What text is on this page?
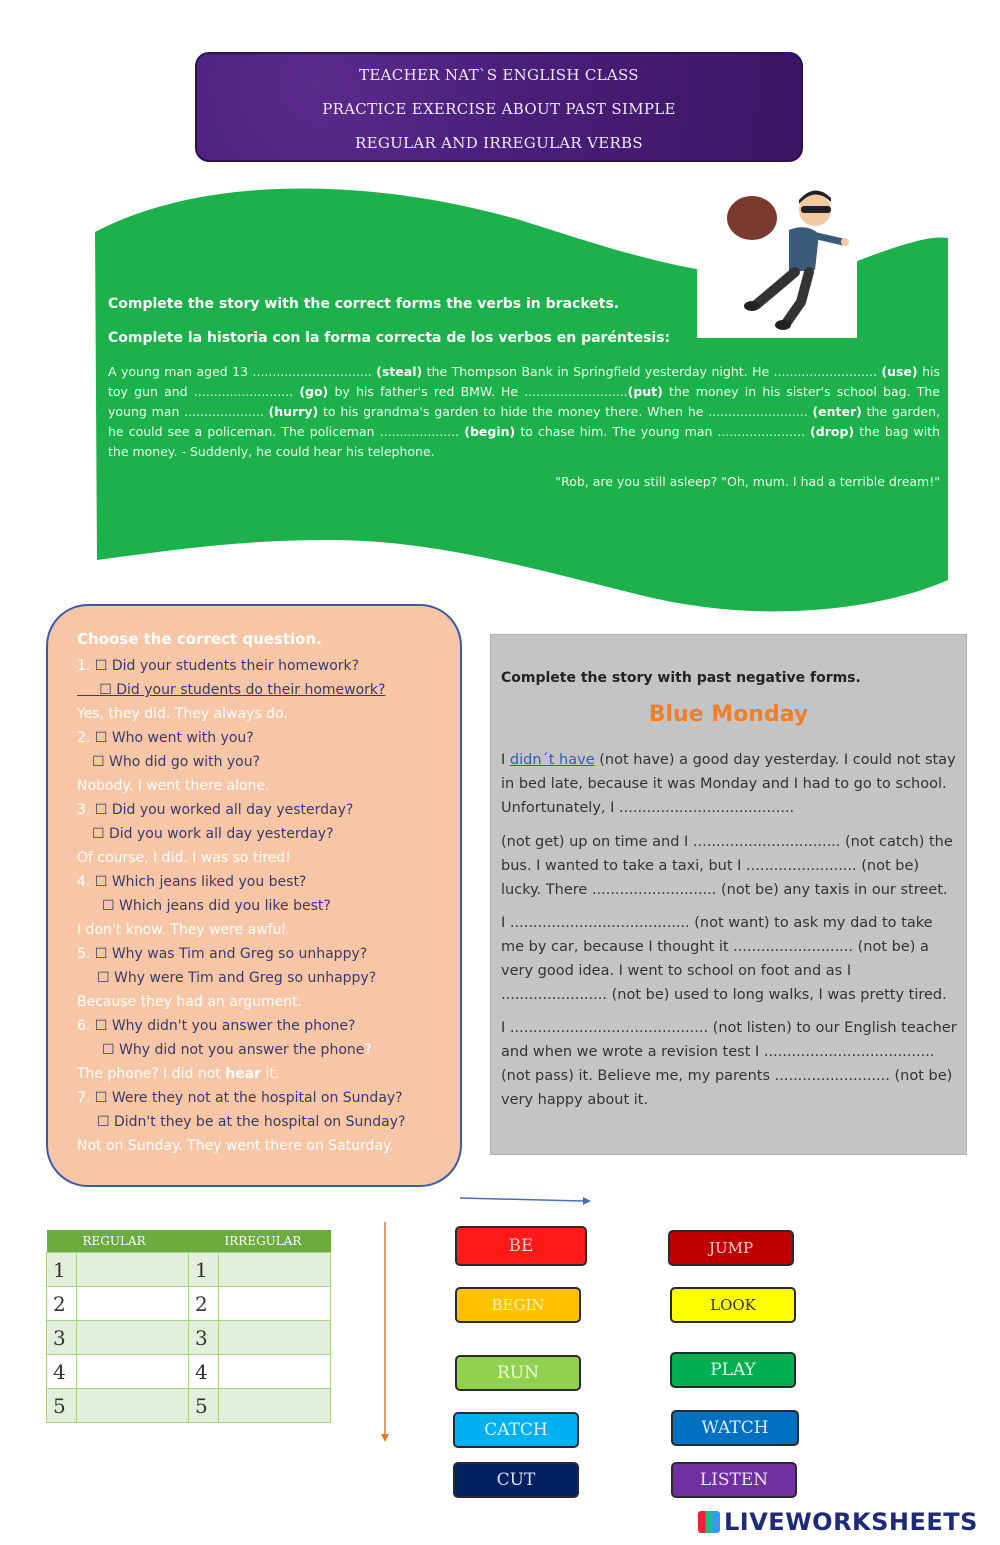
TEACHER NAT`S ENGLISH CLASS
PRACTICE EXERCISE ABOUT PAST SIMPLE
REGULAR AND IRREGULAR VERBS
Complete the story with the correct forms the verbs in brackets.
Complete la historia con la forma correcta de los verbos en paréntesis:
A young man aged 13 .............................. (steal) the Thompson Bank in Springfield yesterday night. He .......................... (use) his toy gun and ......................... (go) by his father's red BMW. He ..........................(put) the money in his sister's school bag. The young man .................... (hurry) to his grandma's garden to hide the money there. When he ......................... (enter) the garden, he could see a policeman. The policeman .................... (begin) to chase him. The young man ...................... (drop) the bag with the money. - Suddenly, he could hear his telephone.
"Rob, are you still asleep? "Oh, mum. I had a terrible dream!"
Choose the correct question.
1. ☐ Did your students their homework?
☐ Did your students do their homework?
Yes, they did. They always do.
2. ☐ Who went with you?
☐ Who did go with you?
Nobody. I went there alone.
3. ☐ Did you worked all day yesterday?
☐ Did you work all day yesterday?
Of course, I did. I was so tired!
4. ☐ Which jeans liked you best?
☐ Which jeans did you like best?
I don't know. They were awful.
5. ☐ Why was Tim and Greg so unhappy?
☐ Why were Tim and Greg so unhappy?
Because they had an argument.
6. ☐ Why didn't you answer the phone?
☐ Why did not you answer the phone?
The phone? I did not hear it.
7. ☐ Were they not at the hospital on Sunday?
☐ Didn't they be at the hospital on Sunday?
Not on Sunday. They went there on Saturday.
Complete the story with past negative forms.
Blue Monday
I didn´t have (not have) a good day yesterday. I could not stay in bed late, because it was Monday and I had to go to school. Unfortunately, I ......................................
(not get) up on time and I ................................ (not catch) the bus. I wanted to take a taxi, but I ........................ (not be) lucky. There ........................... (not be) any taxis in our street.
I ....................................... (not want) to ask my dad to take me by car, because I thought it .......................... (not be) a very good idea. I went to school on foot and as I ....................... (not be) used to long walks, I was pretty tired.
I ........................................... (not listen) to our English teacher and when we wrote a revision test I ..................................... (not pass) it. Believe me, my parents ......................... (not be) very happy about it.
	REGULAR		IRREGULAR
1		1	
2		2	
3		3	
4		4	
5		5	
BE	JUMP
BEGIN	LOOK
RUN	PLAY
CATCH	WATCH
CUT	LISTEN
LIVEWORKSHEETS
